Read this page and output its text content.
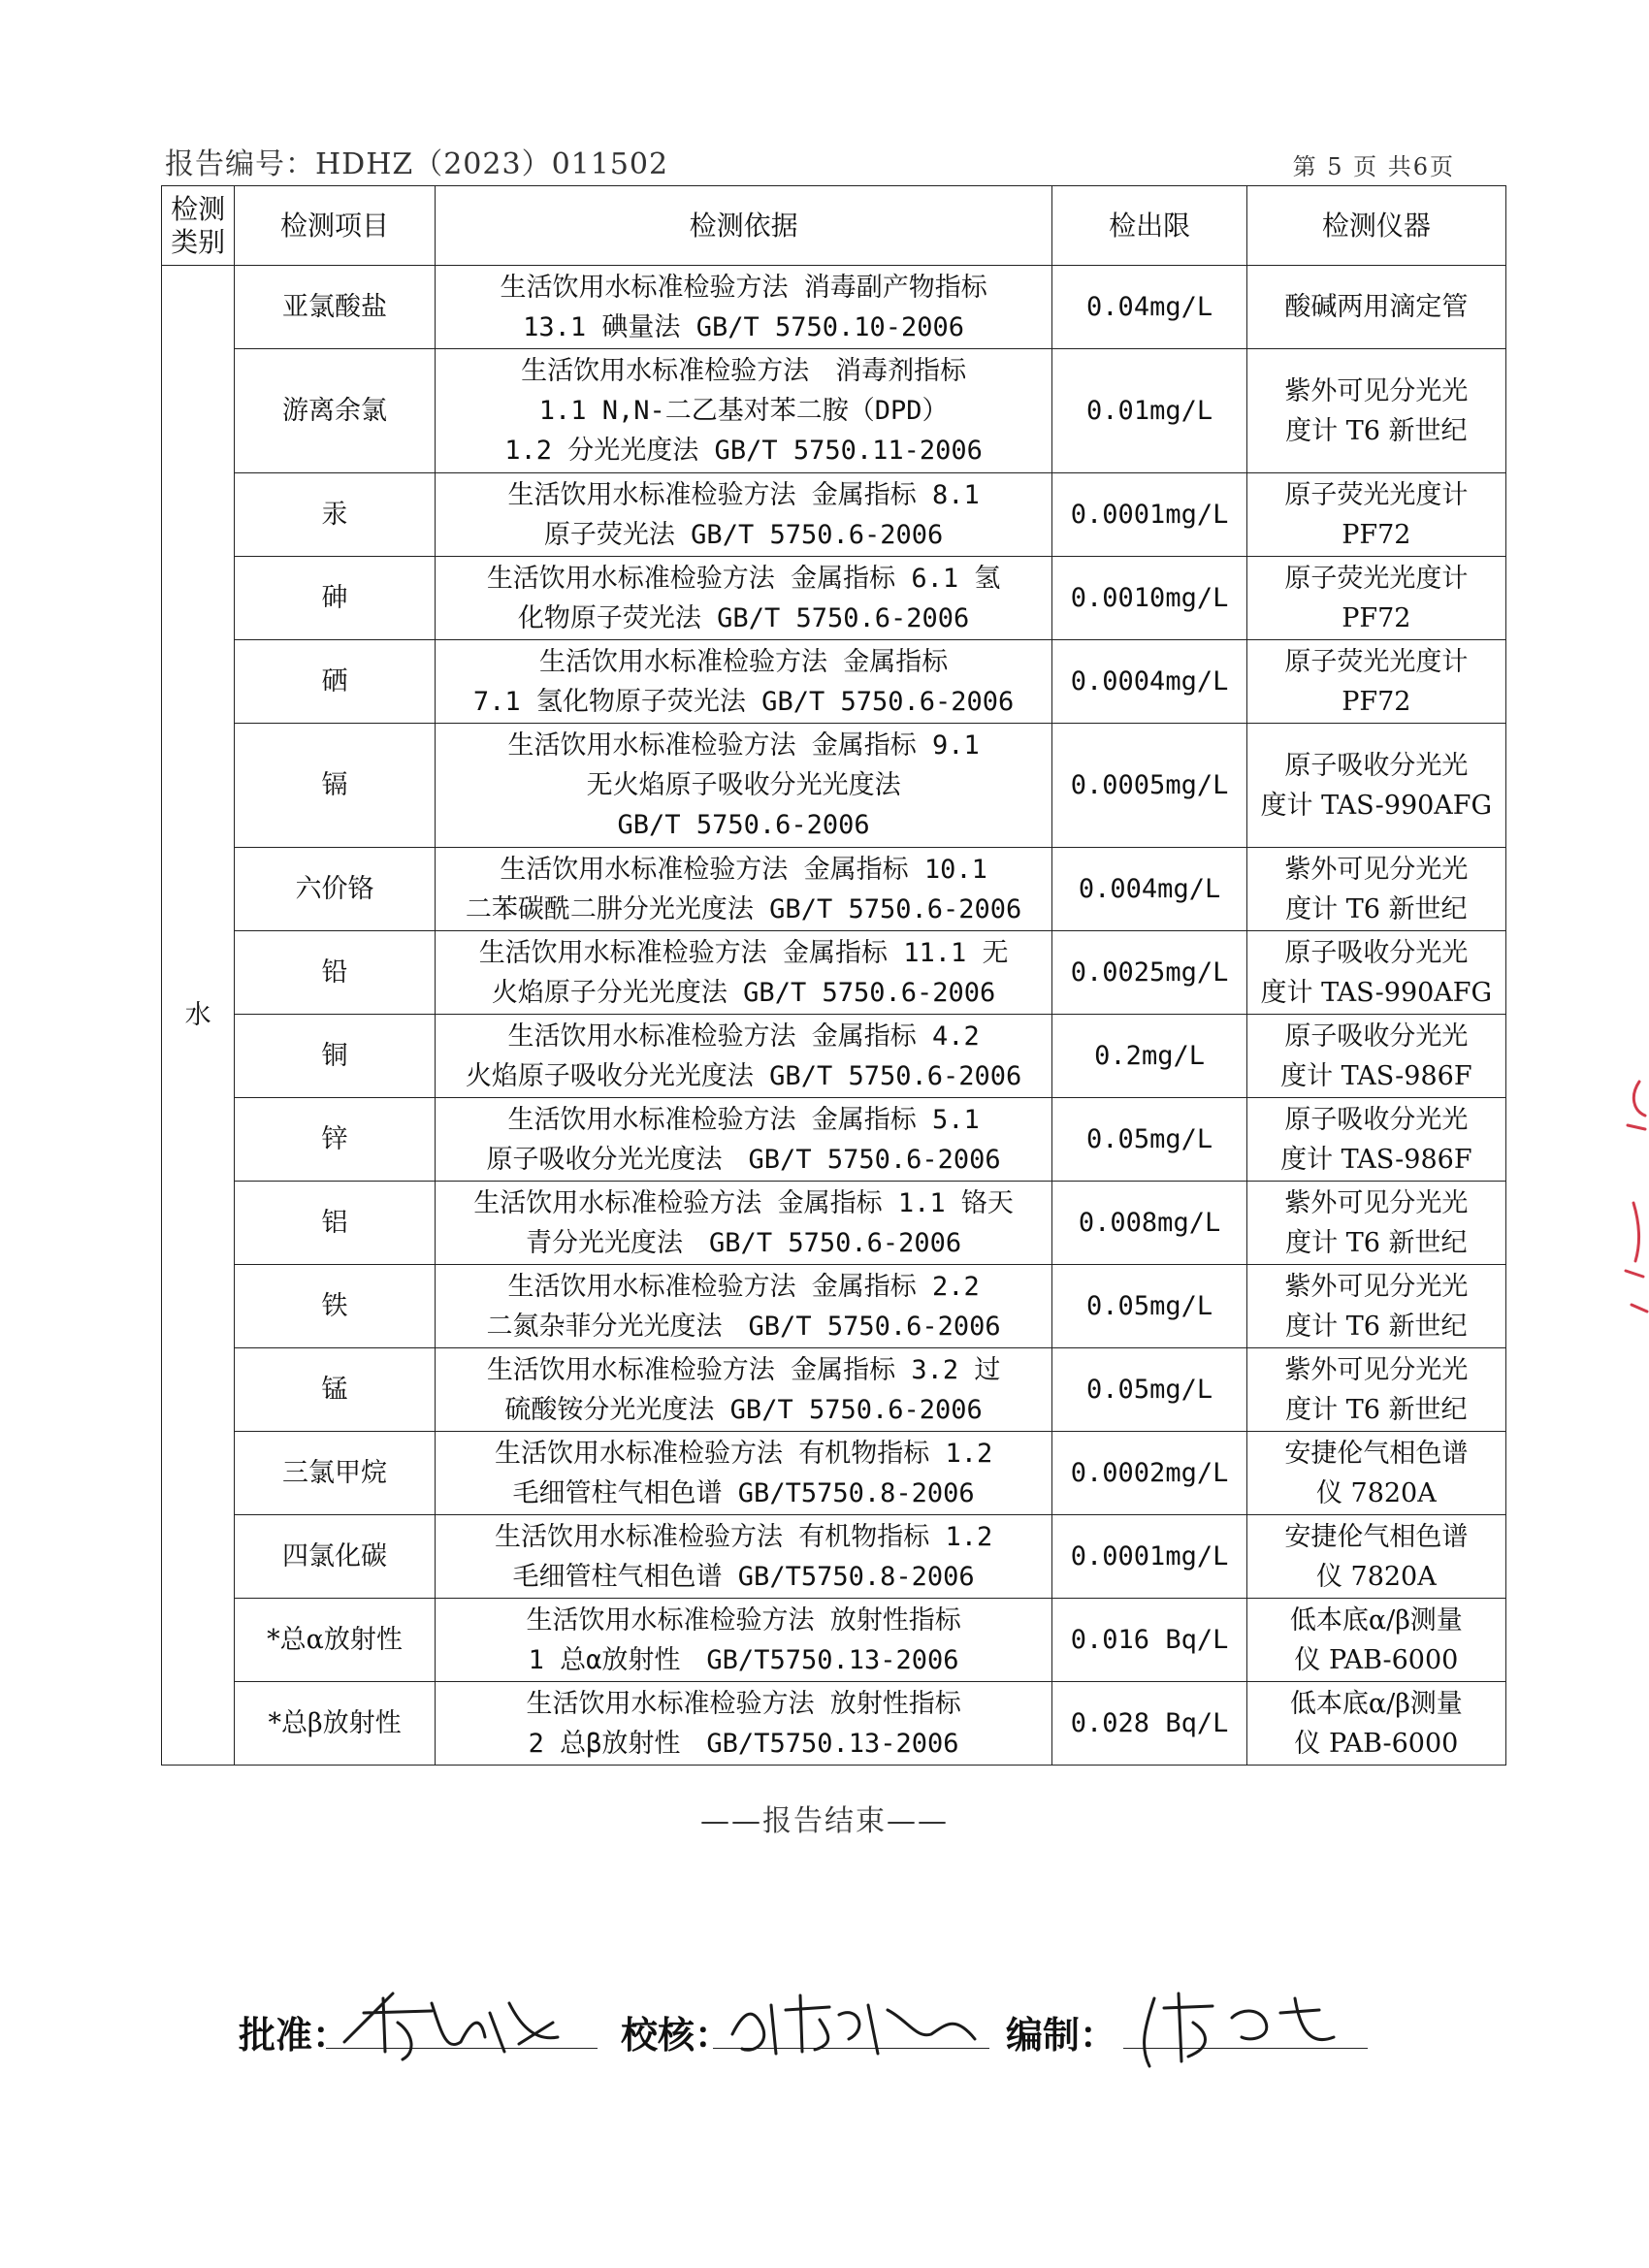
报告编号：HDHZ（2023）011502	第 5 页 共6页
检测
类别	检测项目	检测依据	检出限	检测仪器
水	亚氯酸盐	生活饮用水标准检验方法 消毒副产物指标
13.1 碘量法 GB/T 5750.10-2006	0.04mg/L	酸碱两用滴定管

	游离余氯	生活饮用水标准检验方法　消毒剂指标
1.1 N,N-二乙基对苯二胺（DPD）
1.2 分光光度法 GB/T 5750.11-2006	0.01mg/L	紫外可见分光光
度计 T6 新世纪

	汞	生活饮用水标准检验方法 金属指标 8.1
原子荧光法 GB/T 5750.6-2006	0.0001mg/L	原子荧光光度计
PF72

	砷	生活饮用水标准检验方法 金属指标 6.1 氢
化物原子荧光法 GB/T 5750.6-2006	0.0010mg/L	原子荧光光度计
PF72

	硒	生活饮用水标准检验方法 金属指标
7.1 氢化物原子荧光法 GB/T 5750.6-2006	0.0004mg/L	原子荧光光度计
PF72

	镉	生活饮用水标准检验方法 金属指标 9.1
无火焰原子吸收分光光度法
GB/T 5750.6-2006	0.0005mg/L	原子吸收分光光
度计 TAS-990AFG

	六价铬	生活饮用水标准检验方法 金属指标 10.1
二苯碳酰二肼分光光度法 GB/T 5750.6-2006	0.004mg/L	紫外可见分光光
度计 T6 新世纪

	铅	生活饮用水标准检验方法 金属指标 11.1 无
火焰原子分光光度法 GB/T 5750.6-2006	0.0025mg/L	原子吸收分光光
度计 TAS-990AFG

	铜	生活饮用水标准检验方法 金属指标 4.2
火焰原子吸收分光光度法 GB/T 5750.6-2006	0.2mg/L	原子吸收分光光
度计 TAS-986F

	锌	生活饮用水标准检验方法 金属指标 5.1
原子吸收分光光度法　GB/T 5750.6-2006	0.05mg/L	原子吸收分光光
度计 TAS-986F

	铝	生活饮用水标准检验方法 金属指标 1.1 铬天
青分光光度法　GB/T 5750.6-2006	0.008mg/L	紫外可见分光光
度计 T6 新世纪

	铁	生活饮用水标准检验方法 金属指标 2.2
二氮杂菲分光光度法　GB/T 5750.6-2006	0.05mg/L	紫外可见分光光
度计 T6 新世纪

	锰	生活饮用水标准检验方法 金属指标 3.2 过
硫酸铵分光光度法 GB/T 5750.6-2006	0.05mg/L	紫外可见分光光
度计 T6 新世纪

	三氯甲烷	生活饮用水标准检验方法 有机物指标 1.2
毛细管柱气相色谱 GB/T5750.8-2006	0.0002mg/L	安捷伦气相色谱
仪 7820A

	四氯化碳	生活饮用水标准检验方法 有机物指标 1.2
毛细管柱气相色谱 GB/T5750.8-2006	0.0001mg/L	安捷伦气相色谱
仪 7820A

	*总α放射性	生活饮用水标准检验方法 放射性指标
1 总α放射性　GB/T5750.13-2006	0.016 Bq/L	低本底α/β测量
仪 PAB-6000

	*总β放射性	生活饮用水标准检验方法 放射性指标
2 总β放射性　GB/T5750.13-2006	0.028 Bq/L	低本底α/β测量
仪 PAB-6000
——报告结束——
批准：	校核：	编制：
